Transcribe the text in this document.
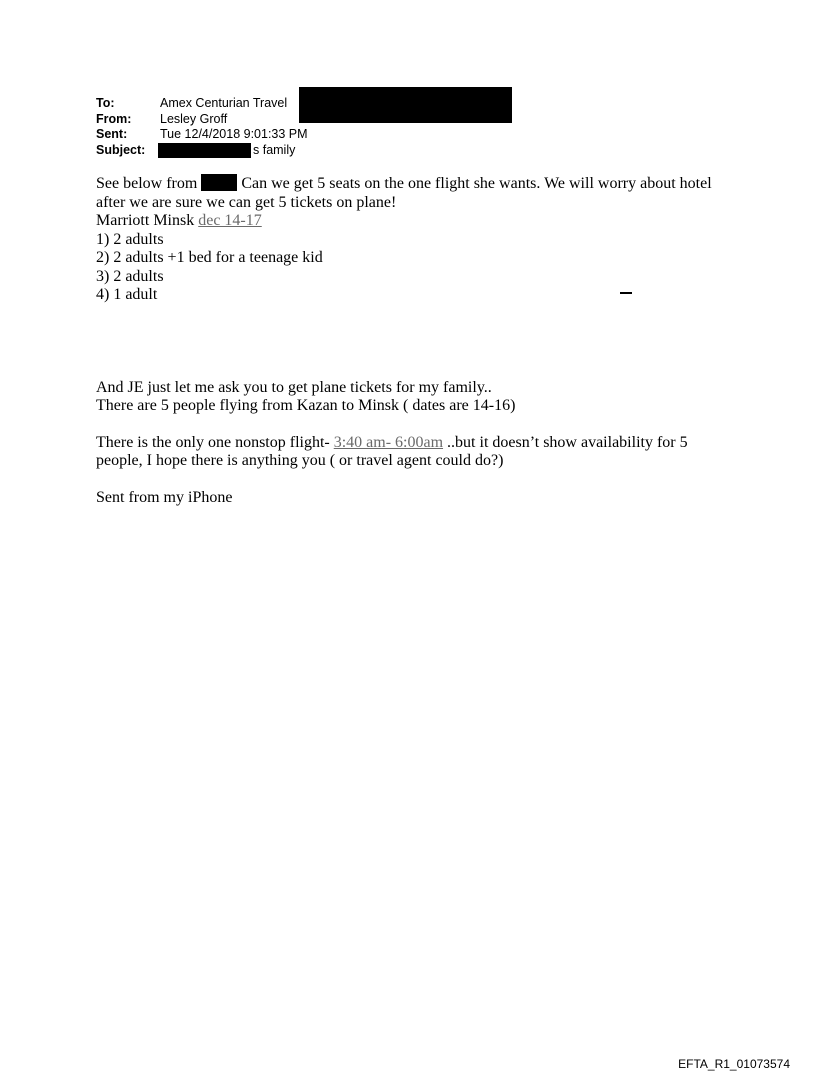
To:	Amex Centurian Travel
From:	Lesley Groff
Sent:	Tue 12/4/2018 9:01:33 PM
Subject:	s family

See below from  Can we get 5 seats on the one flight she wants. We will worry about hotel

after we are sure we can get 5 tickets on plane!

Marriott Minsk dec 14-17

1) 2 adults

2) 2 adults +1 bed for a teenage kid

3) 2 adults

4) 1 adult

And JE just let me ask you to get plane tickets for my family..

There are 5 people flying from Kazan to Minsk ( dates are 14-16)

There is the only one nonstop flight- 3:40 am- 6:00am ..but it doesn’t show availability for 5

people, I hope there is anything you ( or travel agent could do?)

Sent from my iPhone

EFTA_R1_01073574
